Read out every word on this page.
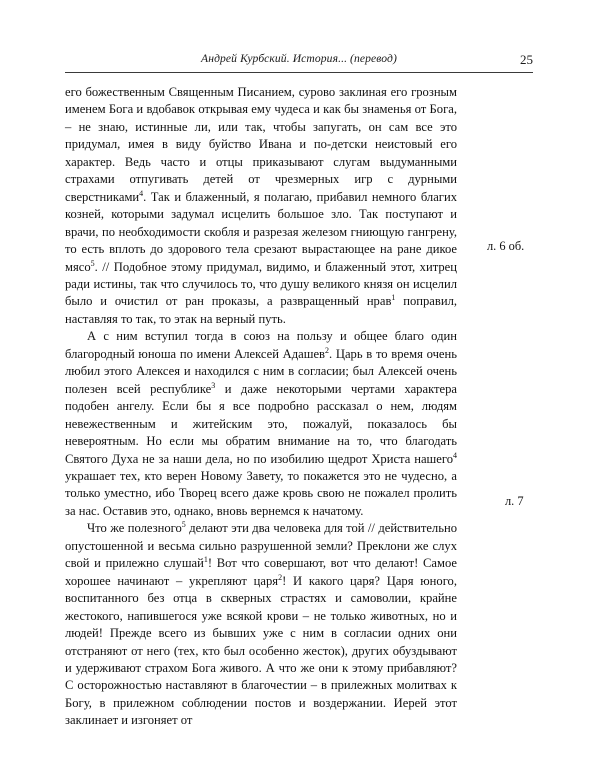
Андрей Курбский. История... (перевод)	25

его божественным Священным Писанием, сурово заклиная его грозным именем Бога и вдобавок открывая ему чудеса и как бы знаменья от Бога, – не знаю, истинные ли, или так, чтобы запугать, он сам все это придумал, имея в виду буйство Ивана и по-детски неистовый его характер. Ведь часто и отцы приказывают слугам выдуманными страхами отпугивать детей от чрезмерных игр с дурными сверстниками$^4$. Так и блаженный, я полагаю, прибавил немного благих козней, которыми задумал исцелить большое зло. Так поступают и врачи, по необходимости скобля и разрезая железом гниющую гангрену, то есть вплоть до здорового тела срезают вырастающее на ране дикое мясо$^5$. // Подобное этому придумал, видимо, и блаженный этот, хитрец ради истины, так что случилось то, что душу великого князя он исцелил было и очистил от ран проказы, а развращенный нрав$^1$ поправил, наставляя то так, то этак на верный путь.

А с ним вступил тогда в союз на пользу и общее благо один благородный юноша по имени Алексей Адашев$^2$. Царь в то время очень любил этого Алексея и находился с ним в согласии; был Алексей очень полезен всей республике$^3$ и даже некоторыми чертами характера подобен ангелу. Если бы я все подробно рассказал о нем, людям невежественным и житейским это, пожалуй, показалось бы невероятным. Но если мы обратим внимание на то, что благодать Святого Духа не за наши дела, но по изобилию щедрот Христа нашего$^4$ украшает тех, кто верен Новому Завету, то покажется это не чудесно, а только уместно, ибо Творец всего даже кровь свою не пожалел пролить за нас. Оставив это, однако, вновь вернемся к начатому.

Что же полезного$^5$ делают эти два человека для той // действительно опустошенной и весьма сильно разрушенной земли? Преклони же слух свой и прилежно слушай$^1$! Вот что совершают, вот что делают! Самое хорошее начинают – укрепляют царя$^2$! И какого царя? Царя юного, воспитанного без отца в скверных страстях и самоволии, крайне жестокого, напившегося уже всякой крови – не только животных, но и людей! Прежде всего из бывших уже с ним в согласии одних они отстраняют от него (тех, кто был особенно жесток), других обуздывают и удерживают страхом Бога живого. А что же они к этому прибавляют? С осторожностью наставляют в благочестии – в прилежных молитвах к Богу, в прилежном соблюдении постов и воздержании. Иерей этот заклинает и изгоняет от

л. 6 об.
л. 7
